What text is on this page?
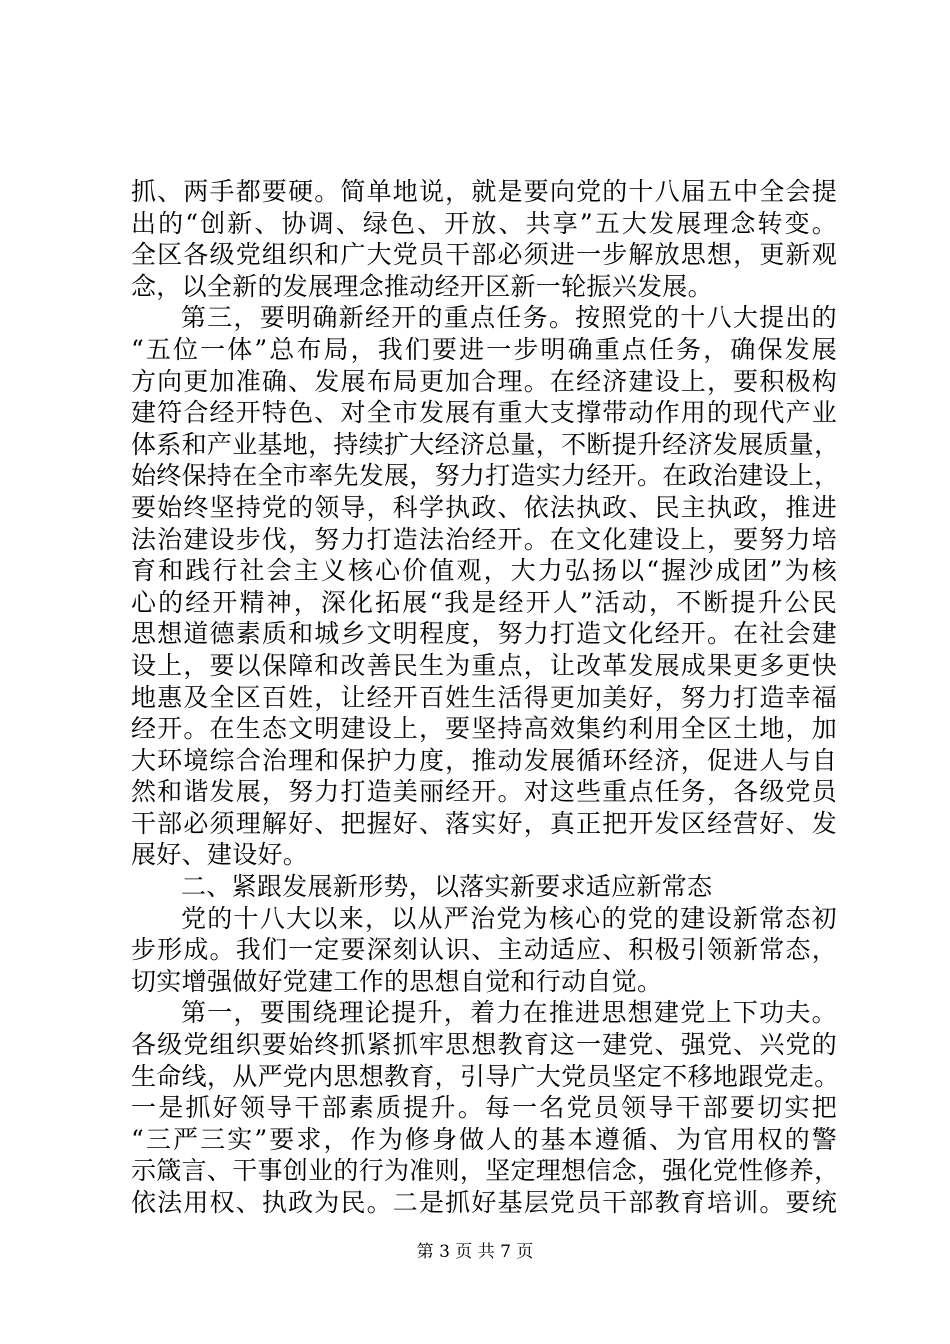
抓、两手都要硬。简单地说，就是要向党的十八届五中全会提
出的“创新、协调、绿色、开放、共享”五大发展理念转变。
全区各级党组织和广大党员干部必须进一步解放思想，更新观
念，以全新的发展理念推动经开区新一轮振兴发展。
第三，要明确新经开的重点任务。按照党的十八大提出的
“五位一体”总布局，我们要进一步明确重点任务，确保发展
方向更加准确、发展布局更加合理。在经济建设上，要积极构
建符合经开特色、对全市发展有重大支撑带动作用的现代产业
体系和产业基地，持续扩大经济总量，不断提升经济发展质量，
始终保持在全市率先发展，努力打造实力经开。在政治建设上，
要始终坚持党的领导，科学执政、依法执政、民主执政，推进
法治建设步伐，努力打造法治经开。在文化建设上，要努力培
育和践行社会主义核心价值观，大力弘扬以“握沙成团”为核
心的经开精神，深化拓展“我是经开人”活动，不断提升公民
思想道德素质和城乡文明程度，努力打造文化经开。在社会建
设上，要以保障和改善民生为重点，让改革发展成果更多更快
地惠及全区百姓，让经开百姓生活得更加美好，努力打造幸福
经开。在生态文明建设上，要坚持高效集约利用全区土地，加
大环境综合治理和保护力度，推动发展循环经济，促进人与自
然和谐发展，努力打造美丽经开。对这些重点任务，各级党员
干部必须理解好、把握好、落实好，真正把开发区经营好、发
展好、建设好。
二、紧跟发展新形势，以落实新要求适应新常态
党的十八大以来，以从严治党为核心的党的建设新常态初
步形成。我们一定要深刻认识、主动适应、积极引领新常态，
切实增强做好党建工作的思想自觉和行动自觉。
第一，要围绕理论提升，着力在推进思想建党上下功夫。
各级党组织要始终抓紧抓牢思想教育这一建党、强党、兴党的
生命线，从严党内思想教育，引导广大党员坚定不移地跟党走。
一是抓好领导干部素质提升。每一名党员领导干部要切实把
“三严三实”要求，作为修身做人的基本遵循、为官用权的警
示箴言、干事创业的行为准则，坚定理想信念，强化党性修养，
依法用权、执政为民。二是抓好基层党员干部教育培训。要统
第 3 页 共 7 页
